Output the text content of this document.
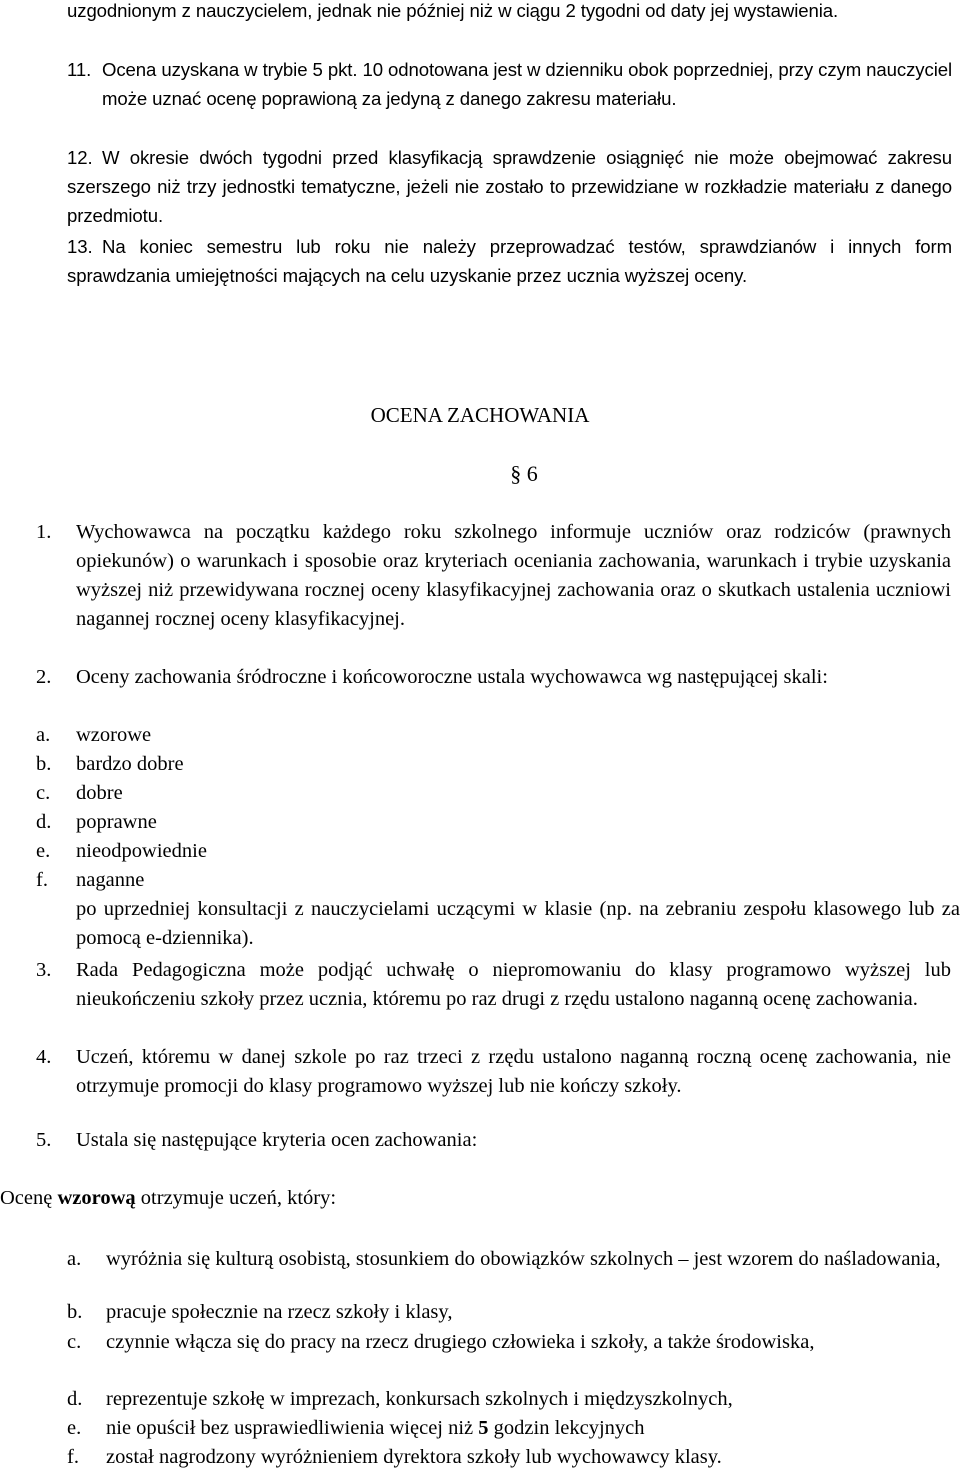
uzgodnionym z nauczycielem, jednak nie później niż w ciągu 2 tygodni od daty jej wystawienia.

11. Ocena uzyskana w trybie 5 pkt. 10 odnotowana jest w dzienniku obok poprzedniej, przy czym nauczyciel może uznać ocenę poprawioną za jedyną z danego zakresu materiału.
12. W okresie dwóch tygodni przed klasyfikacją sprawdzenie osiągnięć nie może obejmować zakresu szerszego niż trzy jednostki tematyczne, jeżeli nie zostało to przewidziane w rozkładzie materiału z danego przedmiotu.
13. Na koniec semestru lub roku nie należy przeprowadzać testów, sprawdzianów i innych form sprawdzania umiejętności mających na celu uzyskanie przez ucznia wyższej oceny.

OCENA ZACHOWANIA

§ 6

1.	Wychowawca na początku każdego roku szkolnego informuje uczniów oraz rodziców (prawnych opiekunów) o warunkach i sposobie oraz kryteriach oceniania zachowania, warunkach i trybie uzyskania wyższej niż przewidywana rocznej oceny klasyfikacyjnej zachowania oraz o skutkach ustalenia uczniowi nagannej rocznej oceny klasyfikacyjnej.
2.	Oceny zachowania śródroczne i końcoworoczne ustala wychowawca wg następującej skali:
a.	wzorowe
b.	bardzo dobre
c.	dobre
d.	poprawne
e.	nieodpowiednie
f.	naganne

po uprzedniej konsultacji z nauczycielami uczącymi w klasie (np. na zebraniu zespołu klasowego lub za pomocą e-dziennika).

3.	Rada Pedagogiczna może podjąć uchwałę o niepromowaniu do klasy programowo wyższej lub nieukończeniu szkoły przez ucznia, któremu po raz drugi z rzędu ustalono naganną ocenę zachowania.
4.	Uczeń, któremu w danej szkole po raz trzeci z rzędu ustalono naganną roczną ocenę zachowania, nie otrzymuje promocji do klasy programowo wyższej lub nie kończy szkoły.
5.	Ustala się następujące kryteria ocen zachowania:

Ocenę wzorową otrzymuje uczeń, który:

a.	wyróżnia się kulturą osobistą, stosunkiem do obowiązków szkolnych – jest wzorem do naśladowania,
b.	pracuje społecznie na rzecz szkoły i klasy,
c.	czynnie włącza się do pracy na rzecz drugiego człowieka i szkoły, a także środowiska,
d.	reprezentuje szkołę w imprezach, konkursach szkolnych i międzyszkolnych,
e.	nie opuścił bez usprawiedliwienia więcej niż 5 godzin lekcyjnych
f.	został nagrodzony wyróżnieniem dyrektora szkoły lub wychowawcy klasy.
